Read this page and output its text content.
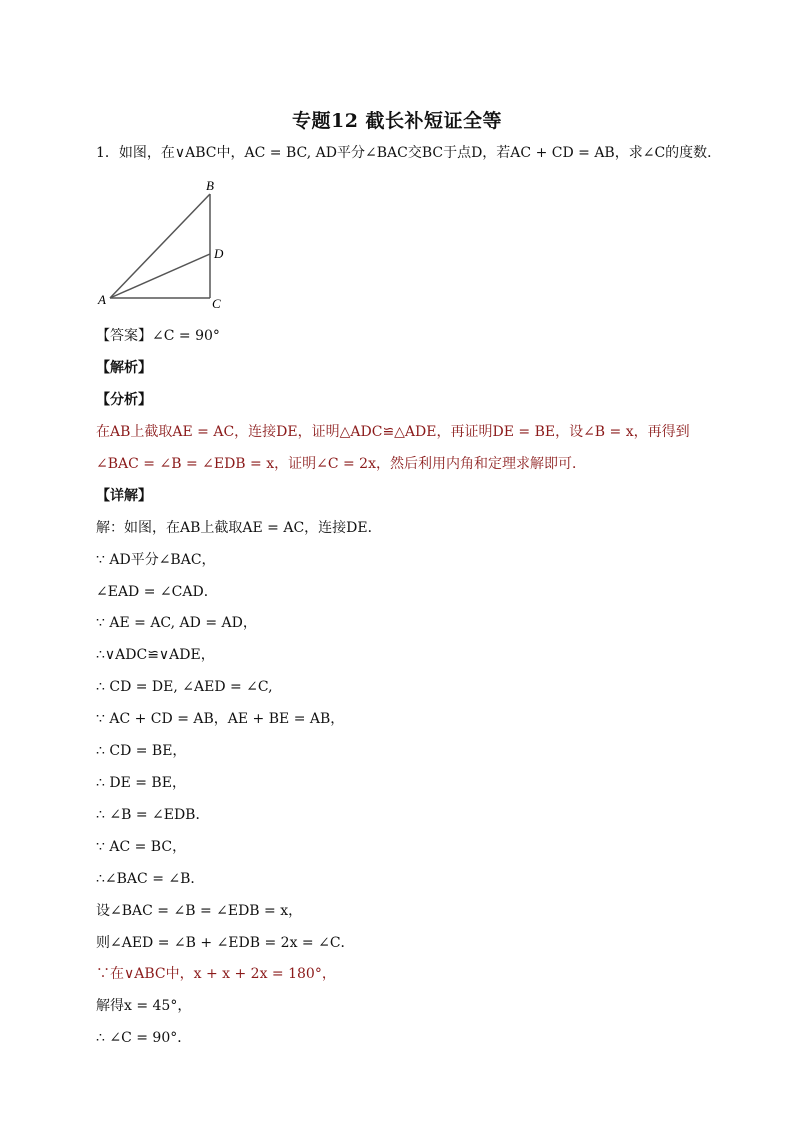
专题12 截长补短证全等
1．如图，在∨ABC中，AC = BC, AD平分∠BAC交BC于点D，若AC + CD = AB，求∠C的度数．
A
B
C
D
【答案】∠C = 90°
【解析】
【分析】
在AB上截取AE = AC，连接DE，证明△ADC≌△ADE，再证明DE = BE，设∠B = x，再得到
∠BAC = ∠B = ∠EDB = x，证明∠C = 2x，然后利用内角和定理求解即可．
【详解】
解：如图，在AB上截取AE = AC，连接DE．
∵ AD平分∠BAC，
∠EAD = ∠CAD．
∵ AE = AC, AD = AD，
∴∨ADC≌∨ADE，
∴ CD = DE, ∠AED = ∠C,
∵ AC + CD = AB，AE + BE = AB，
∴ CD = BE，
∴ DE = BE，
∴ ∠B = ∠EDB．
∵ AC = BC，
∴∠BAC = ∠B．
设∠BAC = ∠B = ∠EDB = x，
则∠AED = ∠B + ∠EDB = 2x = ∠C．
∵在∨ABC中，x + x + 2x = 180°，
解得x = 45°，
∴ ∠C = 90°．
